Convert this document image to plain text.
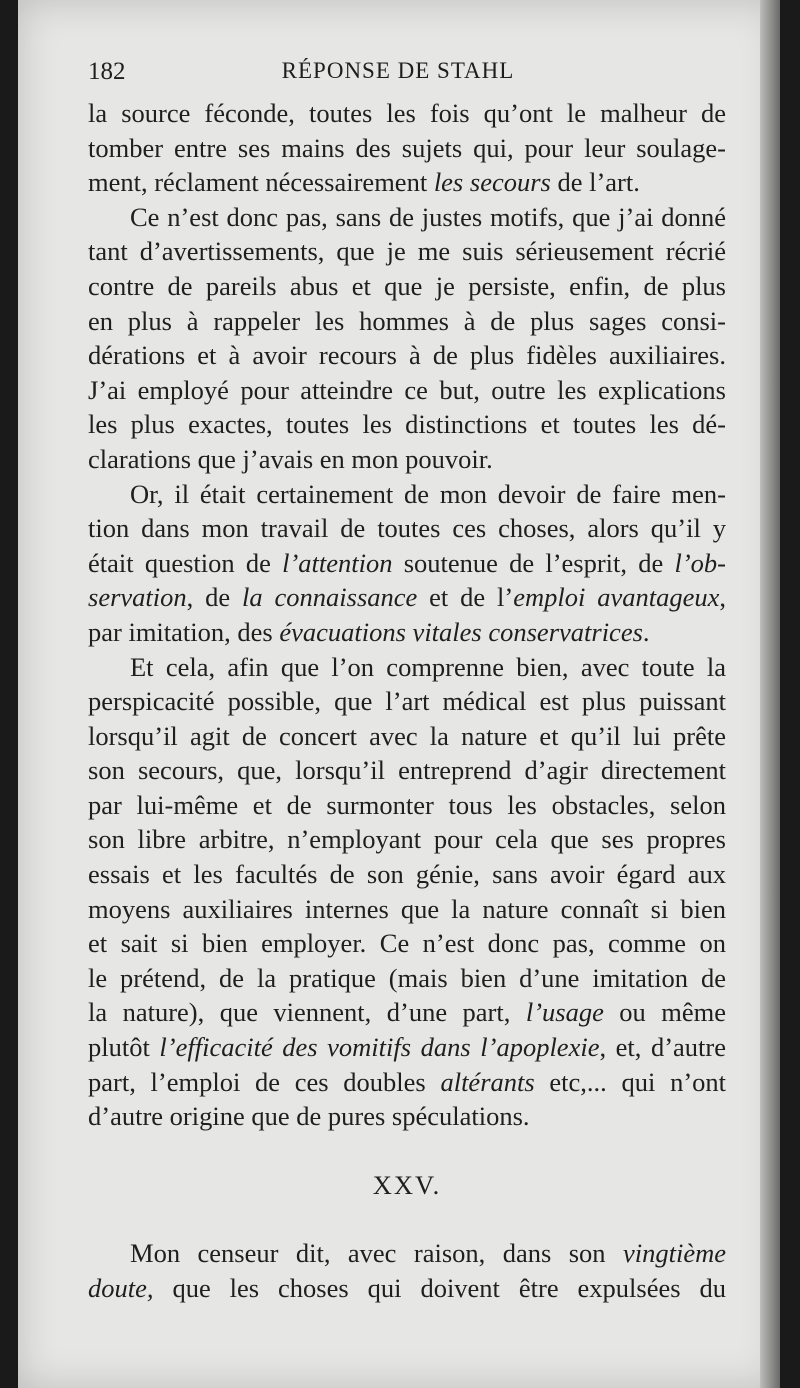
182	RÉPONSE DE STAHL
la source féconde, toutes les fois qu’ont le malheur de
tomber entre ses mains des sujets qui, pour leur soulage-
ment, réclament nécessairement les secours de l’art.
Ce n’est donc pas, sans de justes motifs, que j’ai donné
tant d’avertissements, que je me suis sérieusement récrié
contre de pareils abus et que je persiste, enfin, de plus
en plus à rappeler les hommes à de plus sages consi-
dérations et à avoir recours à de plus fidèles auxiliaires.
J’ai employé pour atteindre ce but, outre les explications
les plus exactes, toutes les distinctions et toutes les dé-
clarations que j’avais en mon pouvoir.
Or, il était certainement de mon devoir de faire men-
tion dans mon travail de toutes ces choses, alors qu’il y
était question de l’attention soutenue de l’esprit, de l’ob-
servation, de la connaissance et de l’emploi avantageux,
par imitation, des évacuations vitales conservatrices.
Et cela, afin que l’on comprenne bien, avec toute la
perspicacité possible, que l’art médical est plus puissant
lorsqu’il agit de concert avec la nature et qu’il lui prête
son secours, que, lorsqu’il entreprend d’agir directement
par lui-même et de surmonter tous les obstacles, selon
son libre arbitre, n’employant pour cela que ses propres
essais et les facultés de son génie, sans avoir égard aux
moyens auxiliaires internes que la nature connaît si bien
et sait si bien employer. Ce n’est donc pas, comme on
le prétend, de la pratique (mais bien d’une imitation de
la nature), que viennent, d’une part, l’usage ou même
plutôt l’efficacité des vomitifs dans l’apoplexie, et, d’autre
part, l’emploi de ces doubles altérants etc,... qui n’ont
d’autre origine que de pures spéculations.
XXV.
Mon censeur dit, avec raison, dans son vingtième
doute, que les choses qui doivent être expulsées du
